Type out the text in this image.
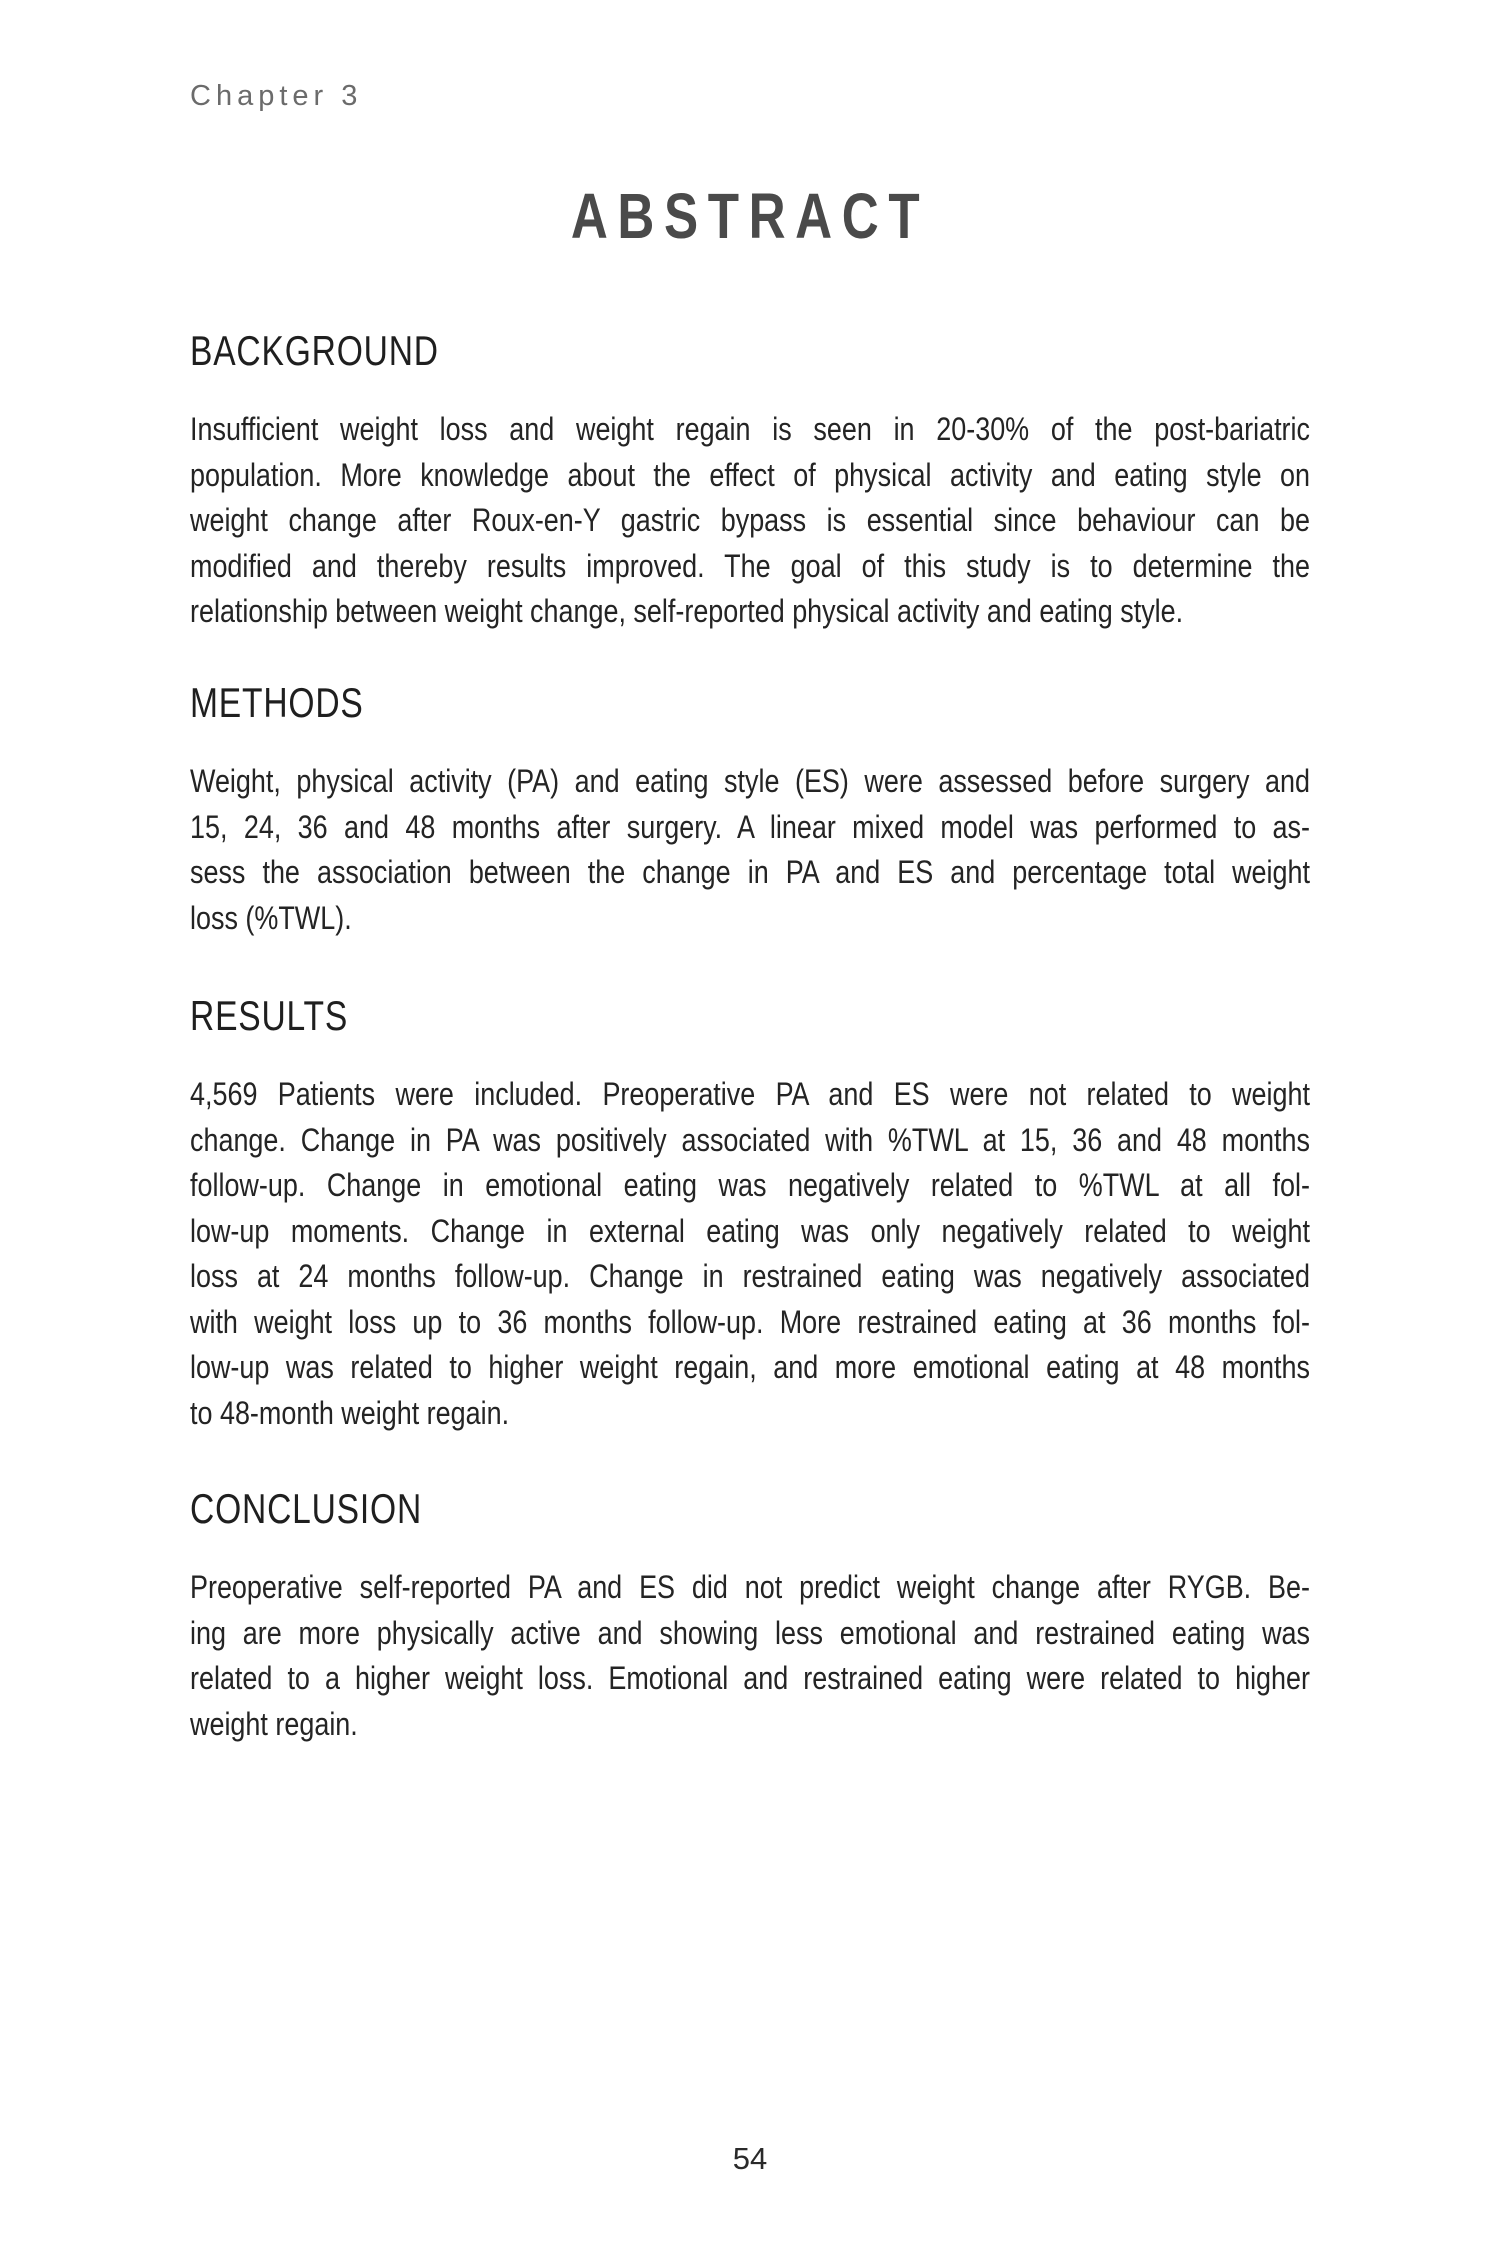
Chapter 3
ABSTRACT
BACKGROUND
Insufficient weight loss and weight regain is seen in 20-30% of the post-bariatric
population. More knowledge about the effect of physical activity and eating style on
weight change after Roux-en-Y gastric bypass is essential since behaviour can be
modified and thereby results improved. The goal of this study is to determine the
relationship between weight change, self-reported physical activity and eating style.
METHODS
Weight, physical activity (PA) and eating style (ES) were assessed before surgery and
15, 24, 36 and 48 months after surgery. A linear mixed model was performed to as-
sess the association between the change in PA and ES and percentage total weight
loss (%TWL).
RESULTS
4,569 Patients were included. Preoperative PA and ES were not related to weight
change. Change in PA was positively associated with %TWL at 15, 36 and 48 months
follow-up. Change in emotional eating was negatively related to %TWL at all fol-
low-up moments. Change in external eating was only negatively related to weight
loss at 24 months follow-up. Change in restrained eating was negatively associated
with weight loss up to 36 months follow-up. More restrained eating at 36 months fol-
low-up was related to higher weight regain, and more emotional eating at 48 months
to 48-month weight regain.
CONCLUSION
Preoperative self-reported PA and ES did not predict weight change after RYGB. Be-
ing are more physically active and showing less emotional and restrained eating was
related to a higher weight loss. Emotional and restrained eating were related to higher
weight regain.
54
